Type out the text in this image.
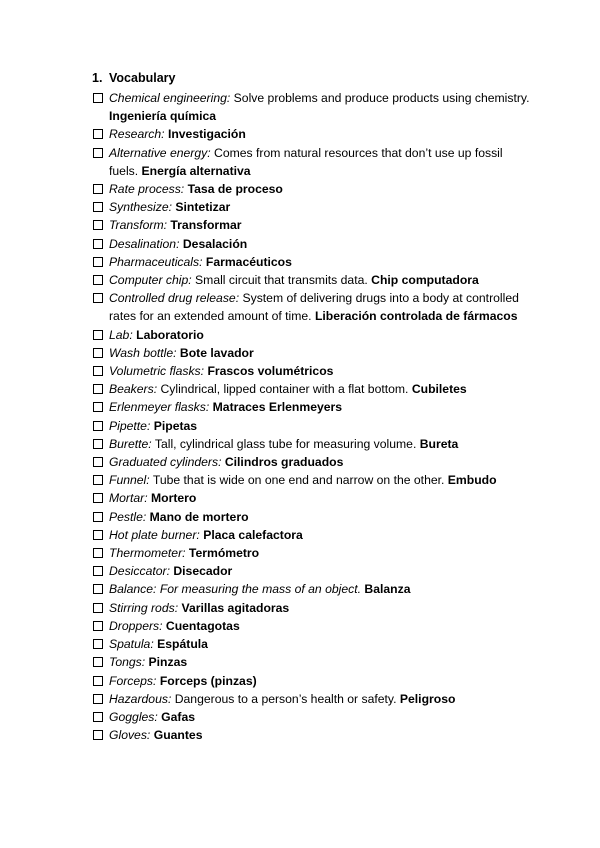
1. Vocabulary
Chemical engineering: Solve problems and produce products using chemistry. Ingeniería química
Research: Investigación
Alternative energy: Comes from natural resources that don’t use up fossil fuels. Energía alternativa
Rate process: Tasa de proceso
Synthesize: Sintetizar
Transform: Transformar
Desalination: Desalación
Pharmaceuticals: Farmacéuticos
Computer chip: Small circuit that transmits data. Chip computadora
Controlled drug release: System of delivering drugs into a body at controlled rates for an extended amount of time. Liberación controlada de fármacos
Lab: Laboratorio
Wash bottle: Bote lavador
Volumetric flasks: Frascos volumétricos
Beakers: Cylindrical, lipped container with a flat bottom. Cubiletes
Erlenmeyer flasks: Matraces Erlenmeyers
Pipette: Pipetas
Burette: Tall, cylindrical glass tube for measuring volume. Bureta
Graduated cylinders: Cilindros graduados
Funnel: Tube that is wide on one end and narrow on the other. Embudo
Mortar: Mortero
Pestle: Mano de mortero
Hot plate burner: Placa calefactora
Thermometer: Termómetro
Desiccator: Disecador
Balance: For measuring the mass of an object. Balanza
Stirring rods: Varillas agitadoras
Droppers: Cuentagotas
Spatula: Espátula
Tongs: Pinzas
Forceps: Forceps (pinzas)
Hazardous: Dangerous to a person’s health or safety. Peligroso
Goggles: Gafas
Gloves: Guantes
